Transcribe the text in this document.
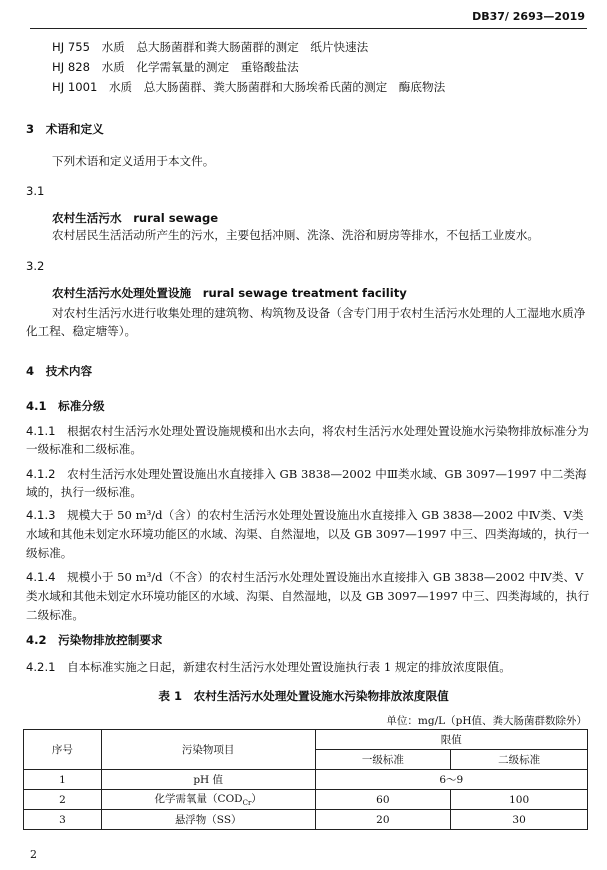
DB37/ 2693—2019
HJ 755　 水质　总大肠菌群和粪大肠菌群的测定　纸片快速法
HJ 828　 水质　化学需氧量的测定　重铬酸盐法
HJ 1001　 水质　总大肠菌群、粪大肠菌群和大肠埃希氏菌的测定　酶底物法
3　 术语和定义
下列术语和定义适用于本文件。
3.1
农村生活污水　 rural sewage
农村居民生活活动所产生的污水，主要包括冲厕、洗涤、洗浴和厨房等排水，不包括工业废水。
3.2
农村生活污水处理处置设施　 rural sewage treatment facility
对农村生活污水进行收集处理的建筑物、构筑物及设备（含专门用于农村生活污水处理的人工湿地水质净化工程、稳定塘等）。
4　 技术内容
4.1　 标准分级
4.1.1　 根据农村生活污水处理处置设施规模和出水去向，将农村生活污水处理处置设施水污染物排放标准分为一级标准和二级标准。
4.1.2　 农村生活污水处理处置设施出水直接排入 GB 3838—2002 中Ⅲ类水域、GB 3097—1997 中二类海域的，执行一级标准。
4.1.3　 规模大于 50 m³/d（含）的农村生活污水处理处置设施出水直接排入 GB 3838—2002 中Ⅳ类、Ⅴ类水域和其他未划定水环境功能区的水域、沟渠、自然湿地，以及 GB 3097—1997 中三、四类海域的，执行一级标准。
4.1.4　 规模小于 50 m³/d（不含）的农村生活污水处理处置设施出水直接排入 GB 3838—2002 中Ⅳ类、Ⅴ类水域和其他未划定水环境功能区的水域、沟渠、自然湿地，以及 GB 3097—1997 中三、四类海域的，执行二级标准。
4.2　 污染物排放控制要求
4.2.1　 自本标准实施之日起，新建农村生活污水处理处置设施执行表 1 规定的排放浓度限值。
表 1　农村生活污水处理处置设施水污染物排放浓度限值
单位：mg/L（pH值、粪大肠菌群数除外）
序号	污染物项目	限值	
		一级标准	二级标准
1	pH 值	6～9	
2	化学需氧量$(COD_{Cr})$	60	100
3	悬浮物（SS）	20	30
2
